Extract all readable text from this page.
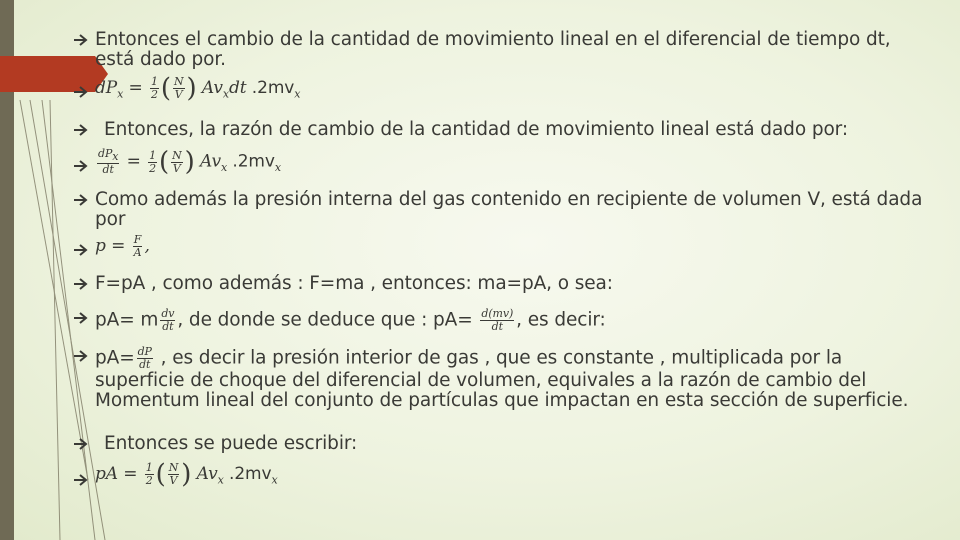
Entonces el cambio de la cantidad de movimiento lineal en el diferencial de tiempo dt, está dado por.
$dP_x = \frac{1}{2}$ ( $\frac{N}{V}$ ) $Av_xdt$ $.2mv_x$
Entonces, la razón de cambio de la cantidad de movimiento lineal está dado por:
$\frac{dP_x}{dt} = \frac{1}{2}$ ( $\frac{N}{V}$ ) $Av_x$ $.2mv_x$
Como además la presión interna del gas contenido en recipiente de volumen V, está dada por
$p = \frac{F}{A}$ ,
F=pA , como además : F=ma , entonces: ma=pA, o sea:
pA= m $\frac{dv}{dt}$ , de donde se deduce que : $pA= \frac{d(mv)}{dt}$ , es decir:
$pA= \frac{dP}{dt}$ , es decir la presión interior de gas , que es constante , multiplicada por la superficie de choque del diferencial de volumen, equivales a la razón de cambio del Momentum lineal del conjunto de partículas que impactan en esta sección de superficie.
Entonces se puede escribir:
pA = $\frac{1}{2}$ ( $\frac{N}{V}$ ) $Av_x$ $.2mv_x$
